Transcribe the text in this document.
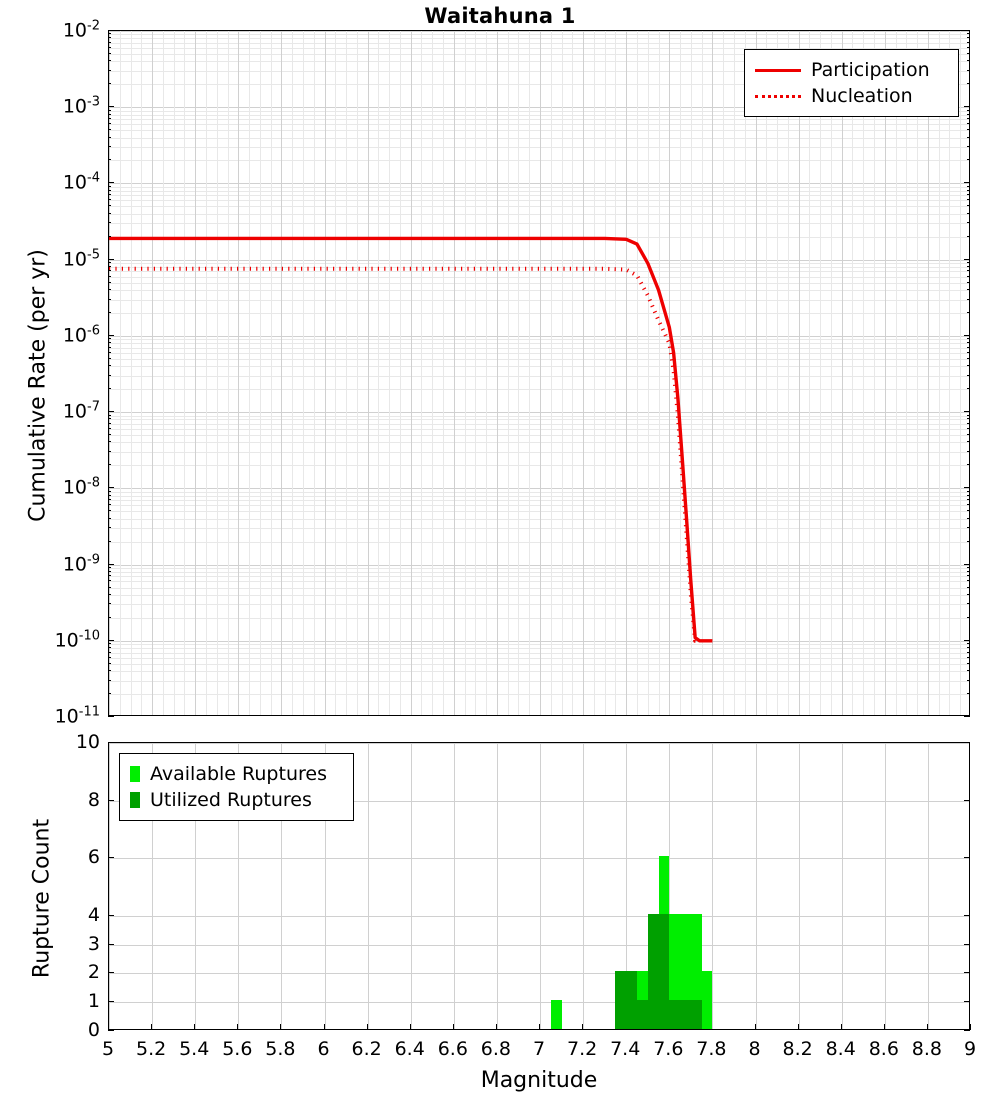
Waitahuna 1
Participation
Nucleation
$10^{-2}$
$10^{-3}$
$10^{-4}$
$10^{-5}$
$10^{-6}$
$10^{-7}$
$10^{-8}$
$10^{-9}$
$10^{-10}$
$10^{-11}$
Cumulative Rate (per yr)
Available Ruptures
Utilized Ruptures
0
1
2
3
4
6
8
10
5 5.2 5.4 5.6 5.8 6 6.2 6.4 6.6 6.8 7 7.2 7.4 7.6 7.8 8 8.2 8.4 8.6 8.8 9
Rupture Count
Magnitude
